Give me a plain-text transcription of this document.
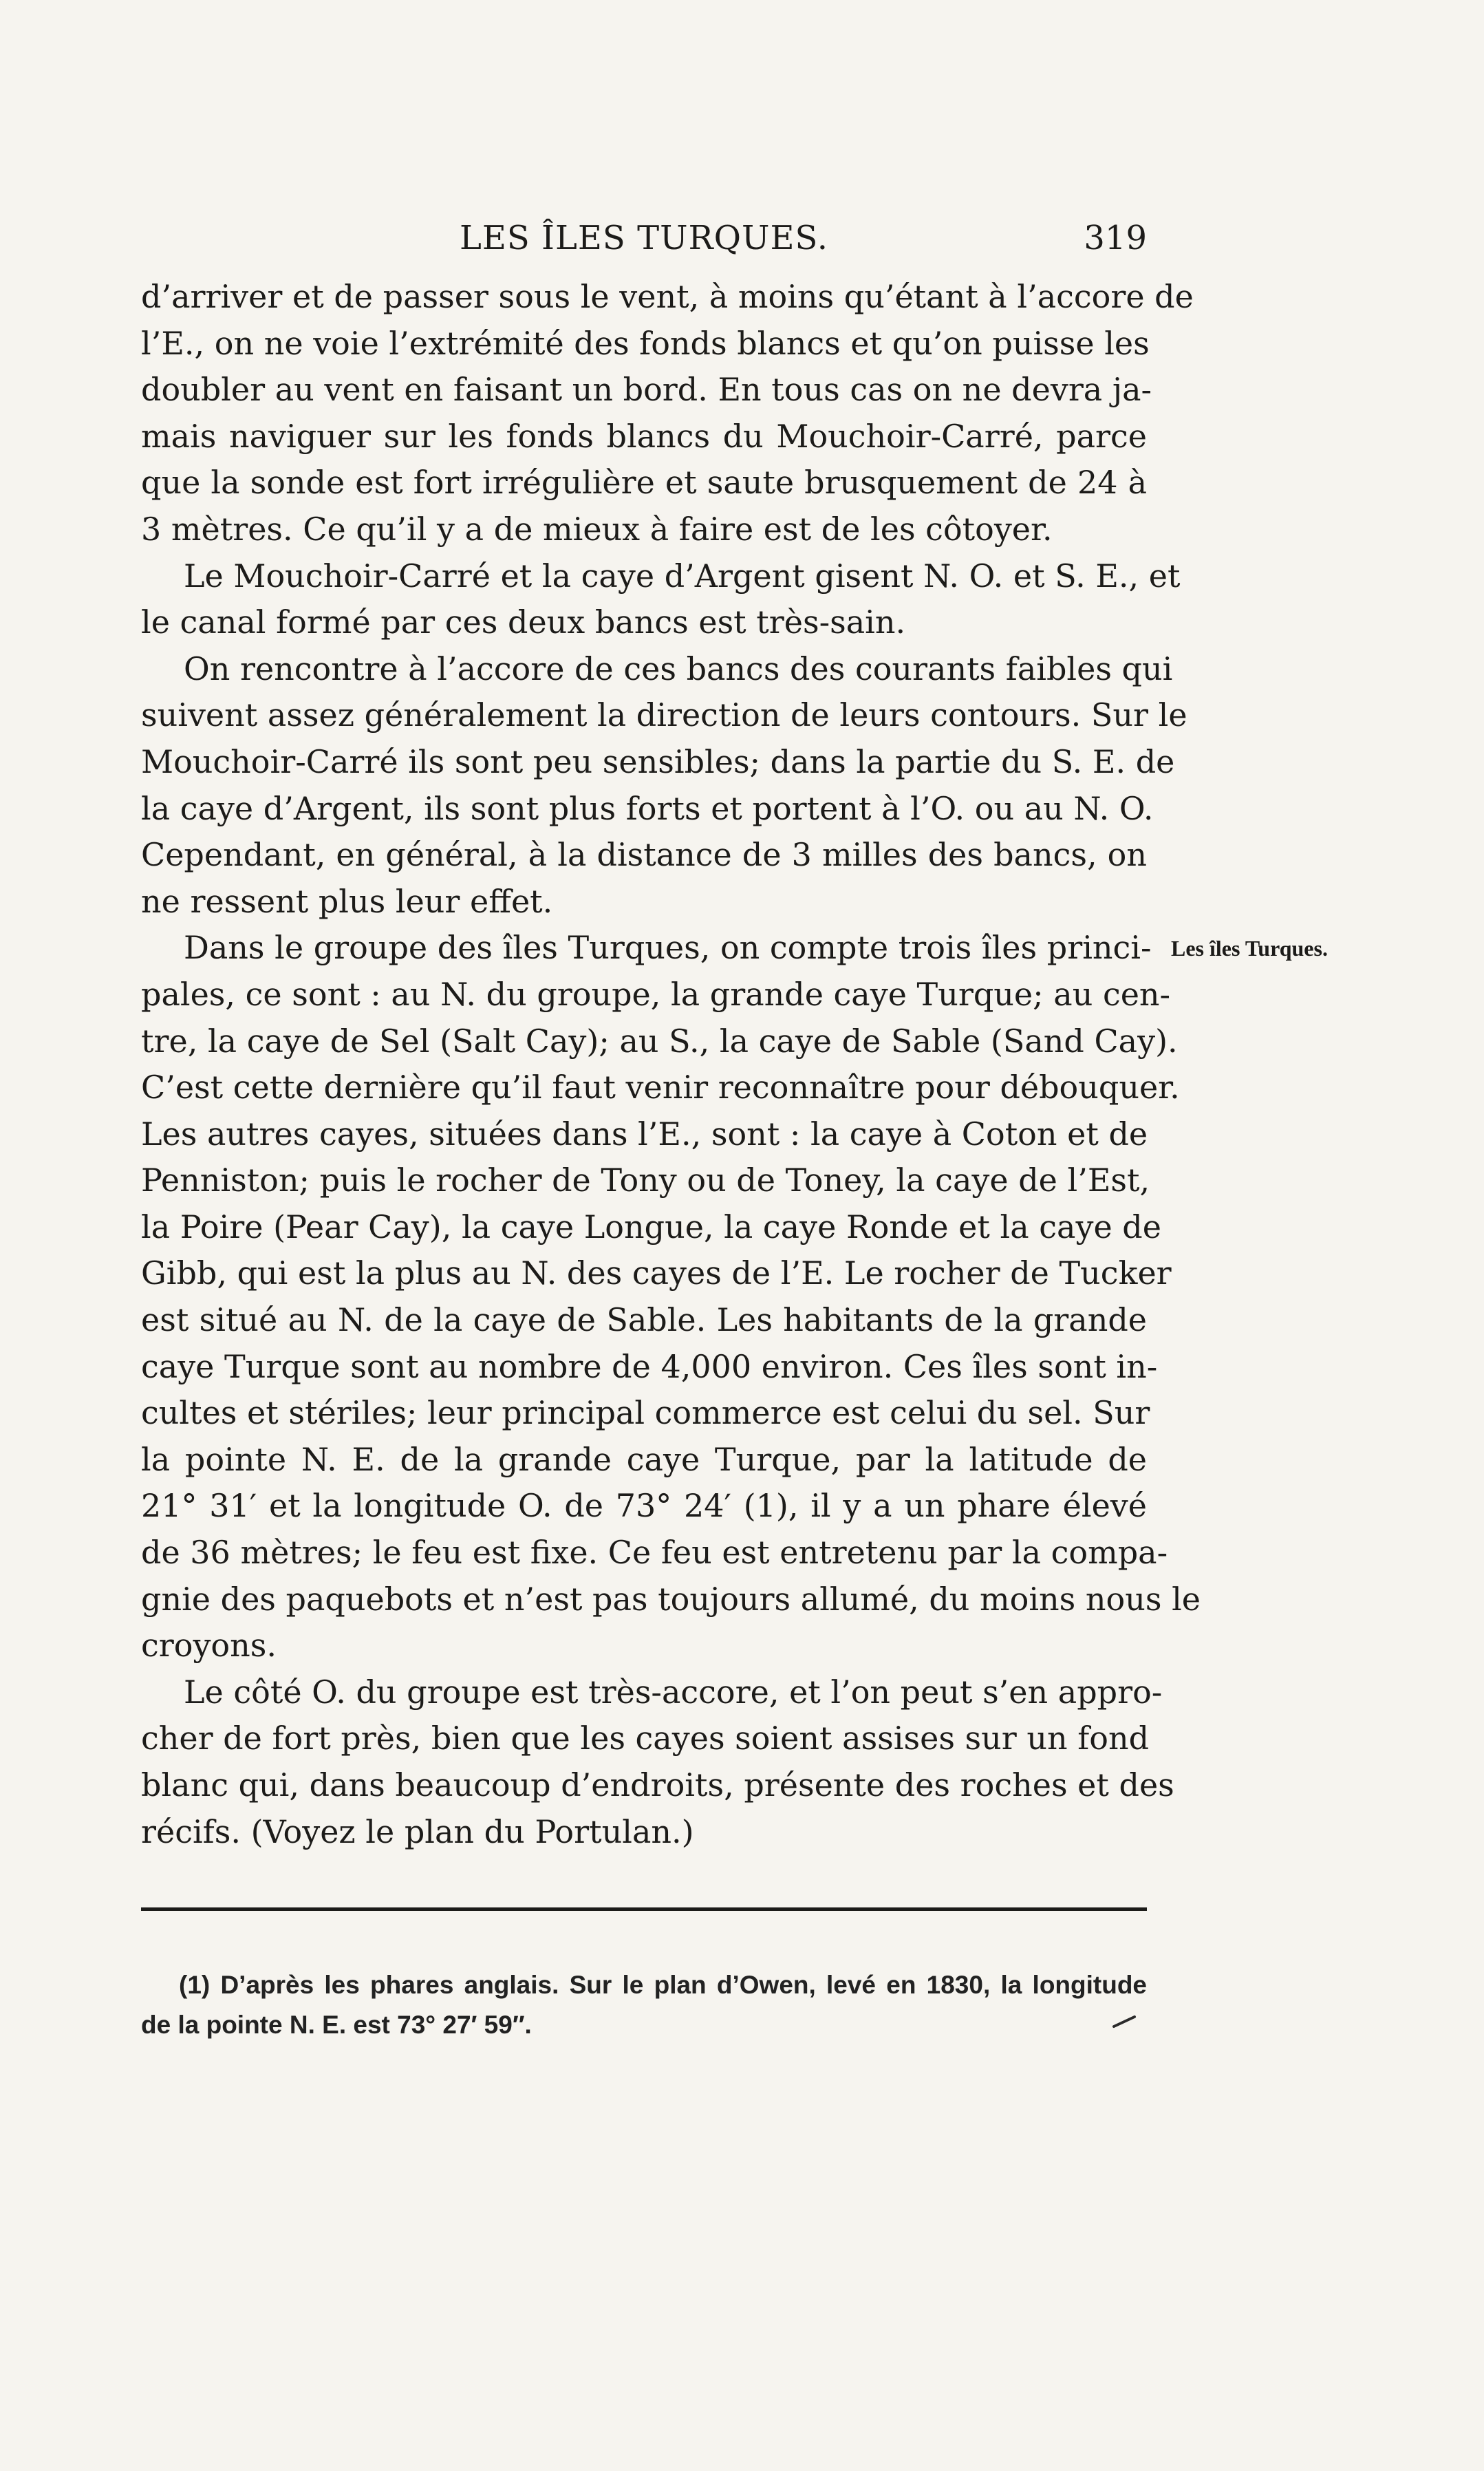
LES ÎLES TURQUES.	319
d’arriver et de passer sous le vent, à moins qu’étant à l’accore de
l’E., on ne voie l’extrémité des fonds blancs et qu’on puisse les
doubler au vent en faisant un bord. En tous cas on ne devra ja-
mais naviguer sur les fonds blancs du Mouchoir-Carré, parce
que la sonde est fort irrégulière et saute brusquement de 24 à
3 mètres. Ce qu’il y a de mieux à faire est de les côtoyer.
Le Mouchoir-Carré et la caye d’Argent gisent N. O. et S. E., et
le canal formé par ces deux bancs est très-sain.
On rencontre à l’accore de ces bancs des courants faibles qui
suivent assez généralement la direction de leurs contours. Sur le
Mouchoir-Carré ils sont peu sensibles; dans la partie du S. E. de
la caye d’Argent, ils sont plus forts et portent à l’O. ou au N. O.
Cependant, en général, à la distance de 3 milles des bancs, on
ne ressent plus leur effet.
Dans le groupe des îles Turques, on compte trois îles princi-
pales, ce sont : au N. du groupe, la grande caye Turque; au cen-
tre, la caye de Sel (Salt Cay); au S., la caye de Sable (Sand Cay).
C’est cette dernière qu’il faut venir reconnaître pour débouquer.
Les autres cayes, situées dans l’E., sont : la caye à Coton et de
Penniston; puis le rocher de Tony ou de Toney, la caye de l’Est,
la Poire (Pear Cay), la caye Longue, la caye Ronde et la caye de
Gibb, qui est la plus au N. des cayes de l’E. Le rocher de Tucker
est situé au N. de la caye de Sable. Les habitants de la grande
caye Turque sont au nombre de 4,000 environ. Ces îles sont in-
cultes et stériles; leur principal commerce est celui du sel. Sur
la pointe N. E. de la grande caye Turque, par la latitude de
21° 31′ et la longitude O. de 73° 24′ (1), il y a un phare élevé
de 36 mètres; le feu est fixe. Ce feu est entretenu par la compa-
gnie des paquebots et n’est pas toujours allumé, du moins nous le
croyons.
Le côté O. du groupe est très-accore, et l’on peut s’en appro-
cher de fort près, bien que les cayes soient assises sur un fond
blanc qui, dans beaucoup d’endroits, présente des roches et des
récifs. (Voyez le plan du Portulan.)
Les îles Turques.
(1) D’après les phares anglais. Sur le plan d’Owen, levé en 1830, la longitude
de la pointe N. E. est 73° 27′ 59″.
